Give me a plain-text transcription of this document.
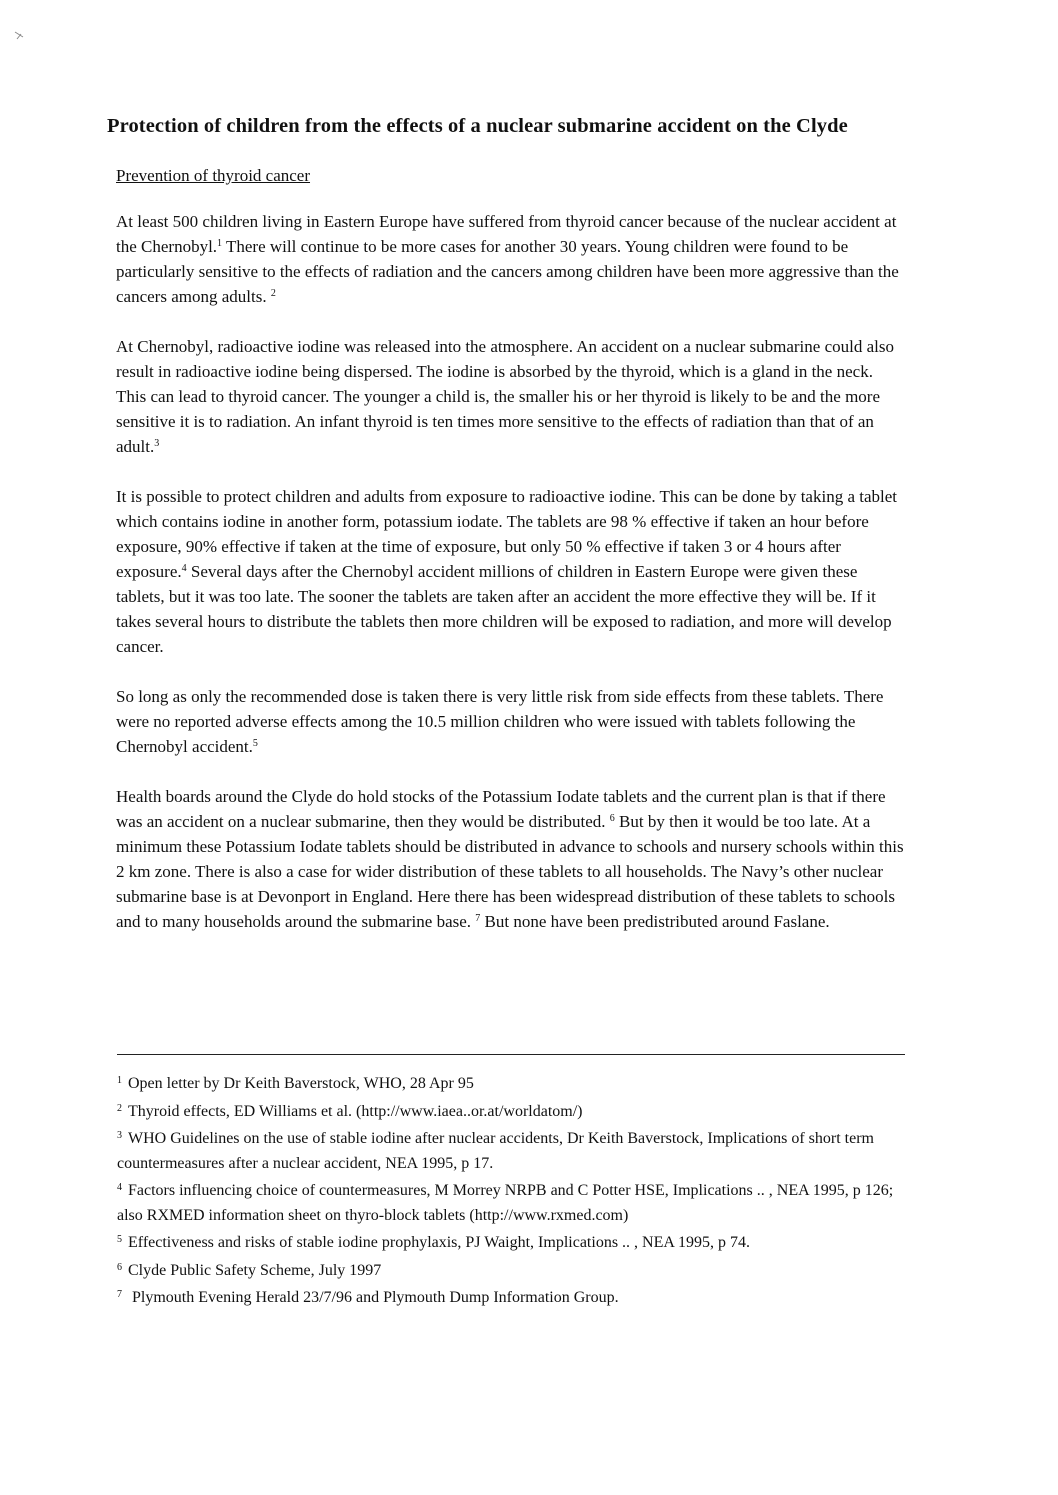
Protection of children from the effects of a nuclear submarine accident on the Clyde
Prevention of thyroid cancer

At least 500 children living in Eastern Europe have suffered from thyroid cancer because of the nuclear accident at the Chernobyl.$^1$ There will continue to be more cases for another 30 years. Young children were found to be particularly sensitive to the effects of radiation and the cancers among children have been more aggressive than the cancers among adults. $^2$

At Chernobyl, radioactive iodine was released into the atmosphere. An accident on a nuclear submarine could also result in radioactive iodine being dispersed. The iodine is absorbed by the thyroid, which is a gland in the neck. This can lead to thyroid cancer. The younger a child is, the smaller his or her thyroid is likely to be and the more sensitive it is to radiation. An infant thyroid is ten times more sensitive to the effects of radiation than that of an adult.$^3$

It is possible to protect children and adults from exposure to radioactive iodine. This can be done by taking a tablet which contains iodine in another form, potassium iodate. The tablets are 98 % effective if taken an hour before exposure, 90% effective if taken at the time of exposure, but only 50 % effective if taken 3 or 4 hours after exposure.$^4$ Several days after the Chernobyl accident millions of children in Eastern Europe were given these tablets, but it was too late. The sooner the tablets are taken after an accident the more effective they will be. If it takes several hours to distribute the tablets then more children will be exposed to radiation, and more will develop cancer.

So long as only the recommended dose is taken there is very little risk from side effects from these tablets. There were no reported adverse effects among the 10.5 million children who were issued with tablets following the Chernobyl accident.$^5$

Health boards around the Clyde do hold stocks of the Potassium Iodate tablets and the current plan is that if there was an accident on a nuclear submarine, then they would be distributed. $^6$ But by then it would be too late. At a minimum these Potassium Iodate tablets should be distributed in advance to schools and nursery schools within this 2 km zone. There is also a case for wider distribution of these tablets to all households. The Navy’s other nuclear submarine base is at Devonport in England. Here there has been widespread distribution of these tablets to schools and to many households around the submarine base. $^7$ But none have been predistributed around Faslane.

$^1$ Open letter by Dr Keith Baverstock, WHO, 28 Apr 95
$^2$ Thyroid effects, ED Williams et al. (http://www.iaea..or.at/worldatom/)
$^3$ WHO Guidelines on the use of stable iodine after nuclear accidents, Dr Keith Baverstock, Implications of short term countermeasures after a nuclear accident, NEA 1995, p 17.
$^4$ Factors influencing choice of countermeasures, M Morrey NRPB and C Potter HSE, Implications .. , NEA 1995, p 126; also RXMED information sheet on thyro-block tablets (http://www.rxmed.com)
$^5$ Effectiveness and risks of stable iodine prophylaxis, PJ Waight, Implications .. , NEA 1995, p 74.
$^6$ Clyde Public Safety Scheme, July 1997
$^7$ Plymouth Evening Herald 23/7/96 and Plymouth Dump Information Group.
